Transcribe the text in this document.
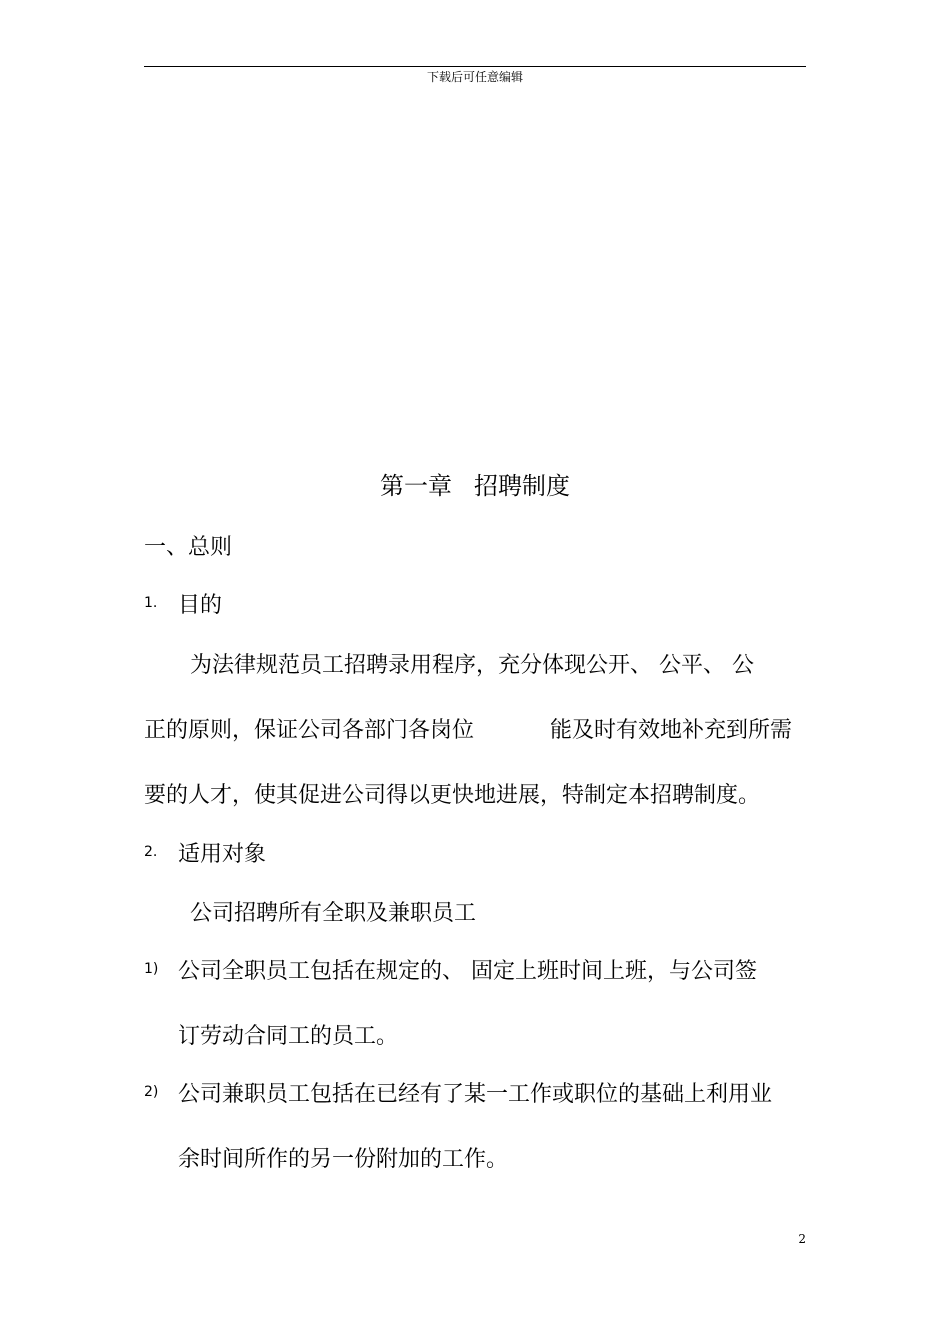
下载后可任意编辑
第一章 招聘制度
一、总则
1. 目的
为法律规范员工招聘录用程序，充分体现公开、 公平、 公
正的原则，保证公司各部门各岗位	能及时有效地补充到所需
要的人才，使其促进公司得以更快地进展，特制定本招聘制度。
2. 适用对象
公司招聘所有全职及兼职员工
1) 公司全职员工包括在规定的、 固定上班时间上班，与公司签
订劳动合同工的员工。
2) 公司兼职员工包括在已经有了某一工作或职位的基础上利用业
余时间所作的另一份附加的工作。
2
